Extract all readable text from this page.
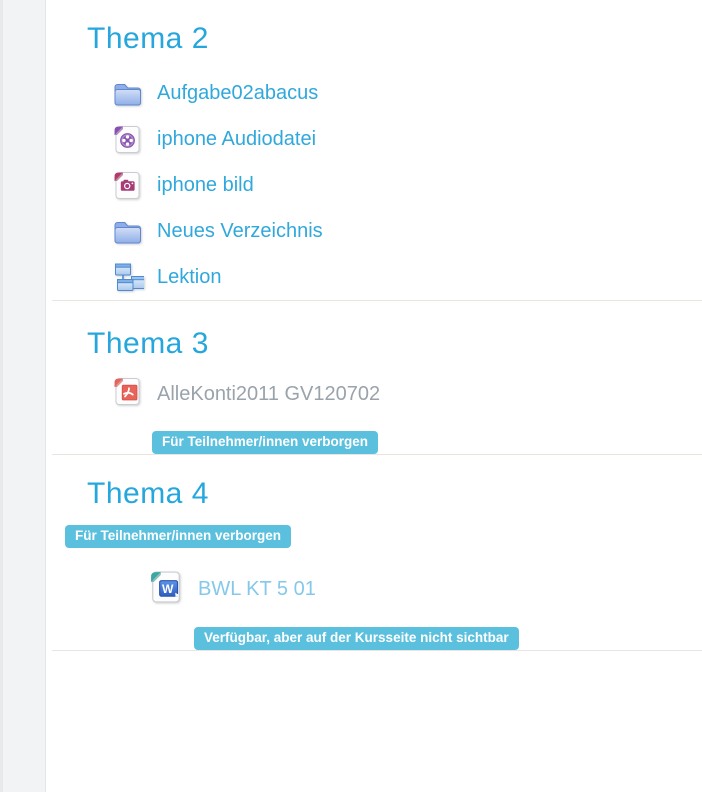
Thema 2
Aufgabe02abacus
iphone Audiodatei
iphone bild
Neues Verzeichnis
Lektion
Thema 3
AlleKonti2011 GV120702
Für Teilnehmer/innen verborgen
Thema 4
Für Teilnehmer/innen verborgen
W BWL KT 5 01
Verfügbar, aber auf der Kursseite nicht sichtbar
